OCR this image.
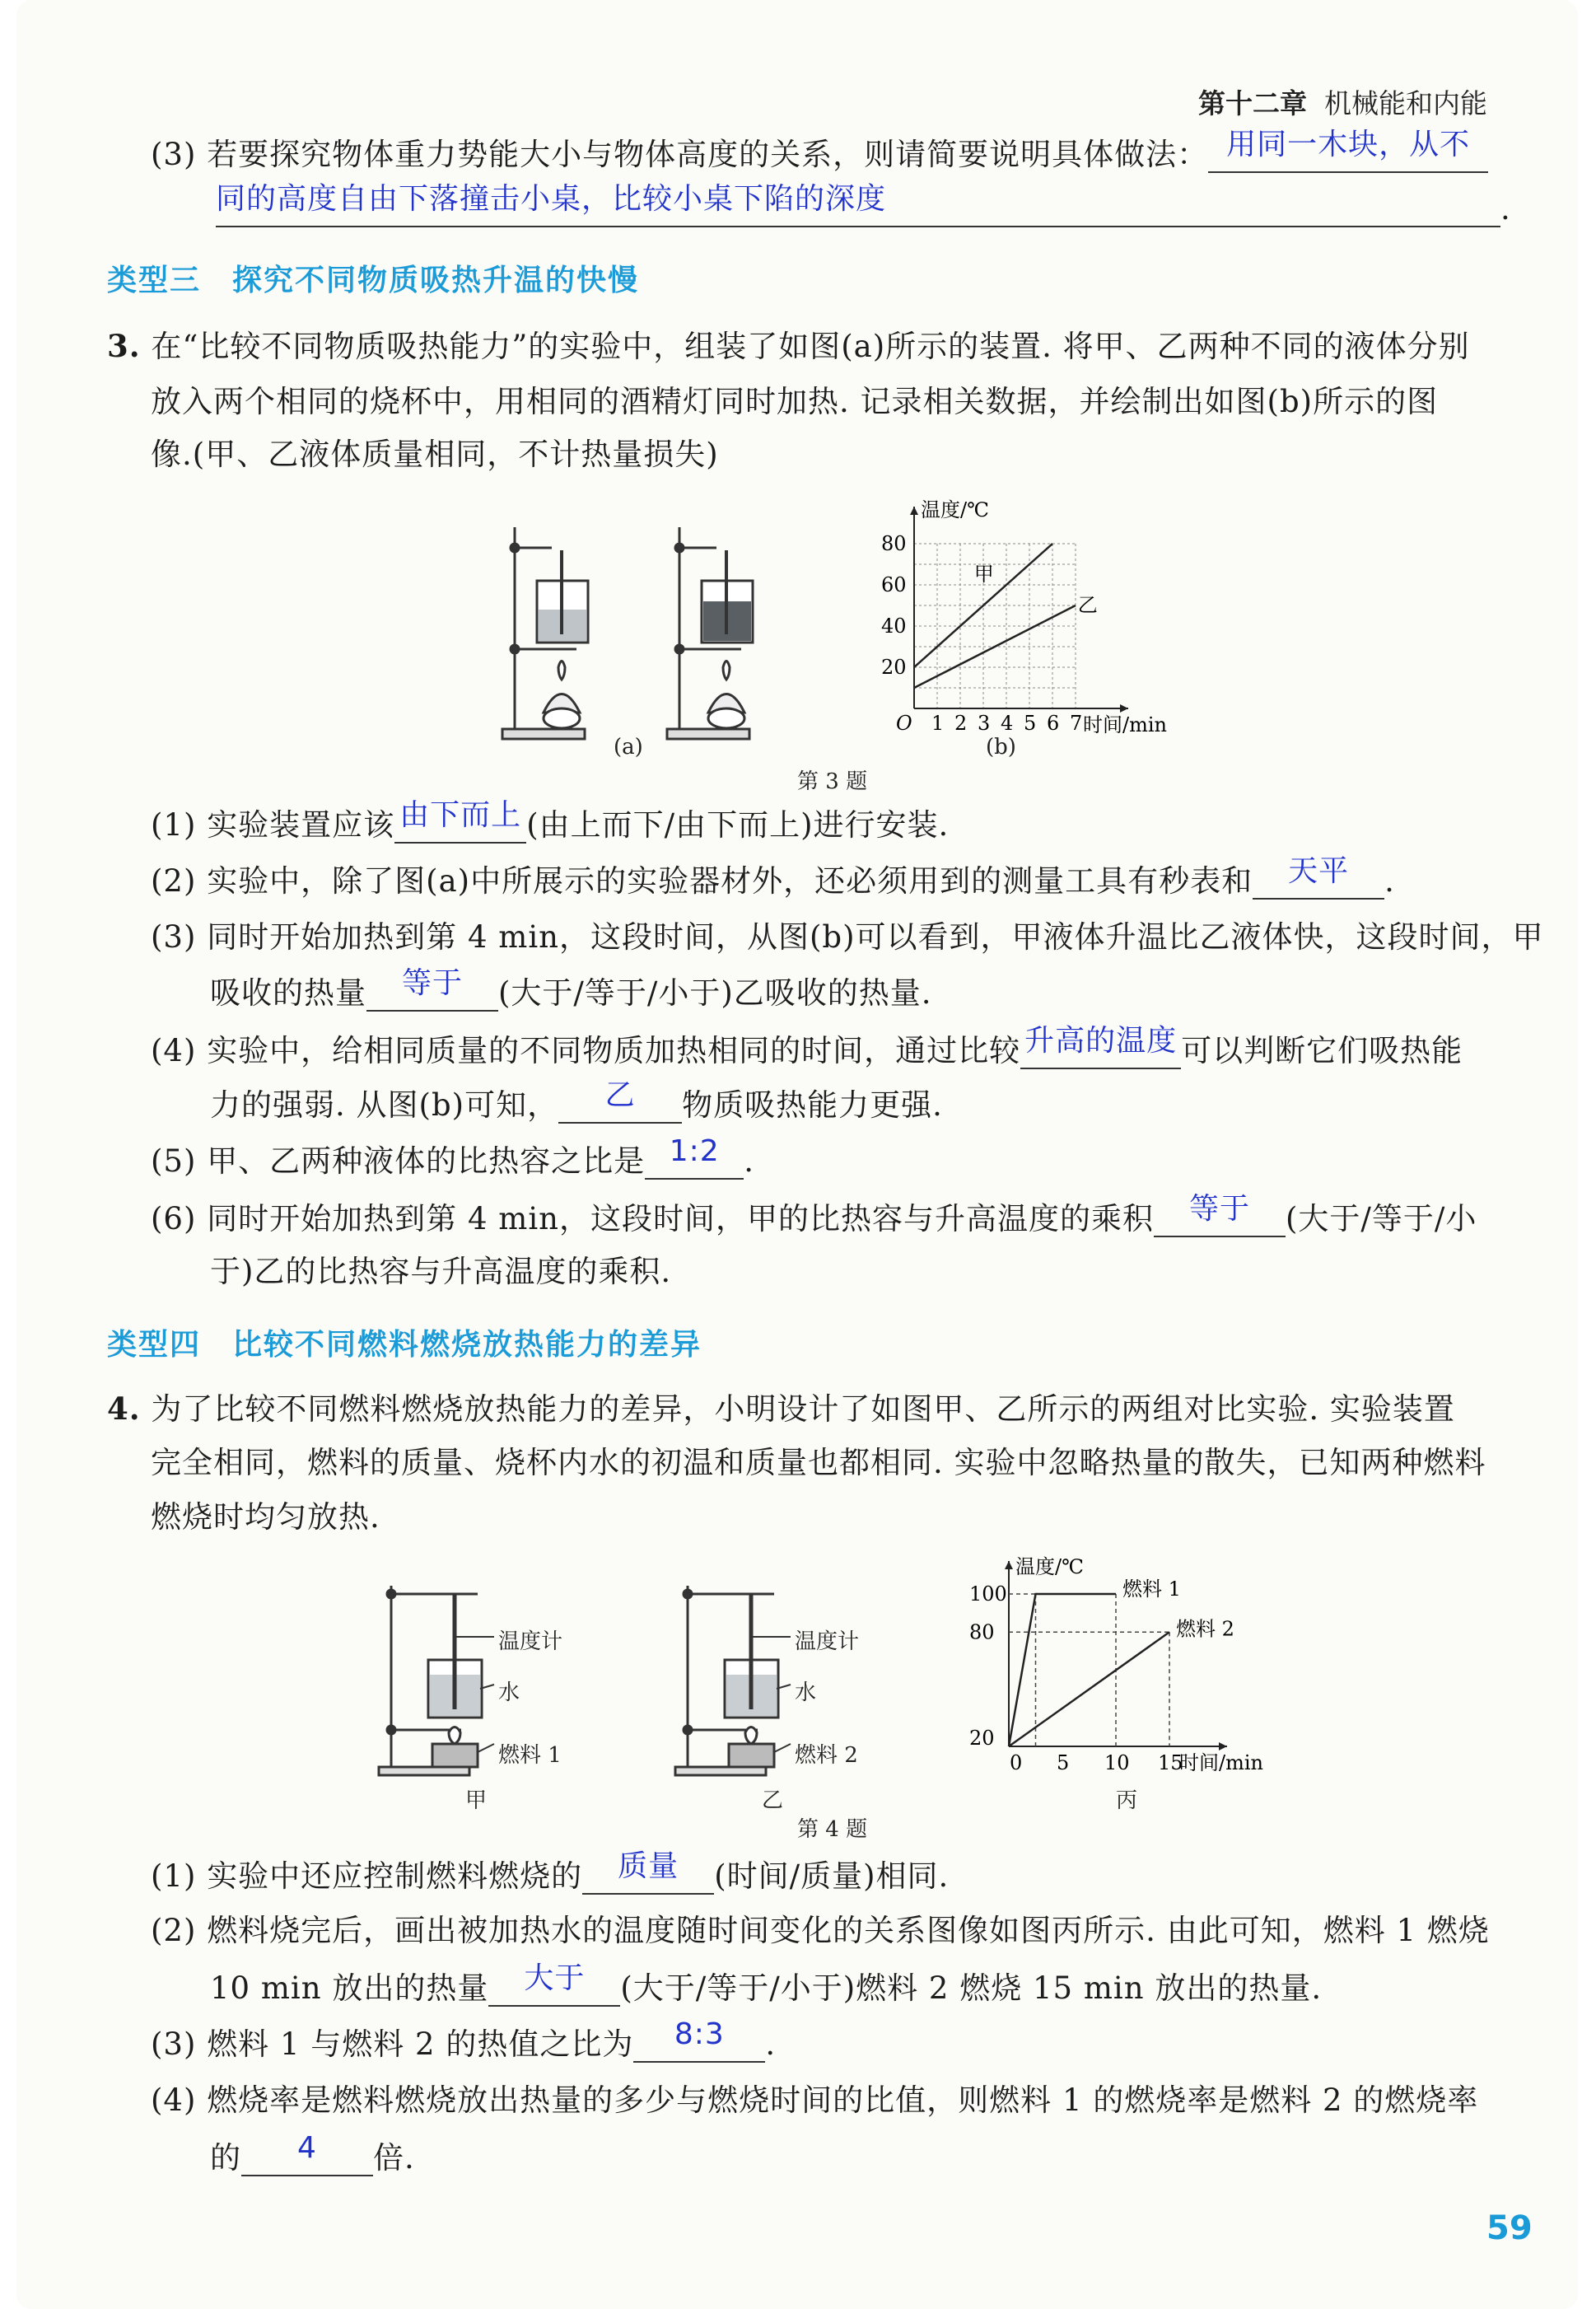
第十二章 机械能和内能
(3) 若要探究物体重力势能大小与物体高度的关系，则请简要说明具体做法： 用同一木块，从不
同的高度自由下落撞击小桌，比较小桌下陷的深度	.
类型三　探究不同物质吸热升温的快慢
3. 在“比较不同物质吸热能力”的实验中，组装了如图(a)所示的装置. 将甲、乙两种不同的液体分别
放入两个相同的烧杯中，用相同的酒精灯同时加热. 记录相关数据，并绘制出如图(b)所示的图
像.(甲、乙液体质量相同，不计热量损失)
(a)
温度/℃
时间/min
O 1 2 3 4 5 6 7
20
40
60
80
甲
乙
(b)
第 3 题
(1) 实验装置应该 由下而上 (由上而下/由下而上)进行安装.
(2) 实验中，除了图(a)中所展示的实验器材外，还必须用到的测量工具有秒表和	天平	.
(3) 同时开始加热到第 4 min，这段时间，从图(b)可以看到，甲液体升温比乙液体快，这段时间，甲
吸收的热量	等于	(大于/等于/小于)乙吸收的热量.
(4) 实验中，给相同质量的不同物质加热相同的时间，通过比较 升高的温度 可以判断它们吸热能
力的强弱. 从图(b)可知，	乙	物质吸热能力更强.
(5) 甲、乙两种液体的比热容之比是 1:2 .
(6) 同时开始加热到第 4 min，这段时间，甲的比热容与升高温度的乘积	等于	(大于/等于/小
于)乙的比热容与升高温度的乘积.
类型四　比较不同燃料燃烧放热能力的差异
4. 为了比较不同燃料燃烧放热能力的差异，小明设计了如图甲、乙所示的两组对比实验. 实验装置
完全相同，燃料的质量、烧杯内水的初温和质量也都相同. 实验中忽略热量的散失，已知两种燃料
燃烧时均匀放热.
温度计
水
燃料 1
甲
温度计
水
燃料 2
乙
温度/℃
时间/min
0 5 10 15
20
80
100	燃料 1
燃料 2
丙
第 4 题
(1) 实验中还应控制燃料燃烧的	质量	(时间/质量)相同.
(2) 燃料烧完后，画出被加热水的温度随时间变化的关系图像如图丙所示. 由此可知，燃料 1 燃烧
10 min 放出的热量	大于	(大于/等于/小于)燃料 2 燃烧 15 min 放出的热量.
(3) 燃料 1 与燃料 2 的热值之比为	8:3	.
(4) 燃烧率是燃料燃烧放出热量的多少与燃烧时间的比值，则燃料 1 的燃烧率是燃料 2 的燃烧率
的	4	倍.
59
